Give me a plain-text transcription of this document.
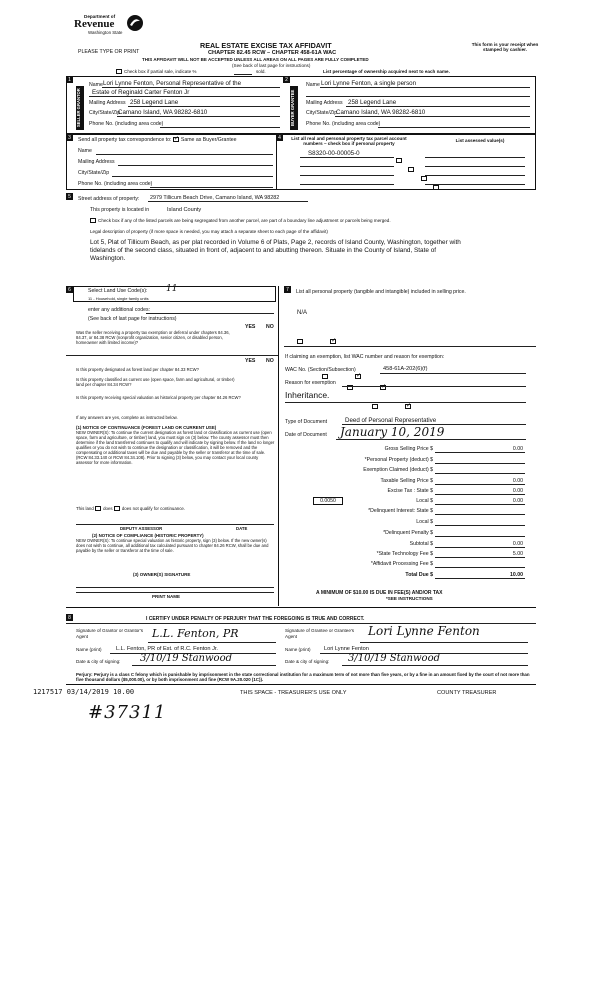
Department of
Revenue
Washington State
PLEASE TYPE OR PRINT
REAL ESTATE EXCISE TAX AFFIDAVIT
CHAPTER 82.45 RCW – CHAPTER 458-61A WAC
THIS AFFIDAVIT WILL NOT BE ACCEPTED UNLESS ALL AREAS ON ALL PAGES ARE FULLY COMPLETED
(See back of last page for instructions)
This form is your receipt when stamped by cashier.
Check box if partial sale, indicate %	sold.	List percentage of ownership acquired next to each name.
1
SELLER GRANTOR
Name Lori Lynne Fenton, Personal Representative of the
Estate of Reginald Carter Fenton Jr
Mailing Address 258 Legend Lane
City/State/Zip
Camano Island, WA 98282-6810
Phone No. (including area code)
2
BUYER GRANTEE
Name Lori Lynne Fenton, a single person
Mailing Address 258 Legend Lane
City/State/Zip
Camano Island, WA 98282-6810
Phone No. (including area code)
3	Send all property tax correspondence to: ✓ Same as Buyer/Grantee
Name
Mailing Address
City/State/Zip
Phone No. (including area code)
4	List all real and personal property tax parcel account numbers – check box if personal property
List assessed value(s)
S8320-00-00005-0

5	Street address of property: 2979 Tillicum Beach Drive, Camano Island, WA 98282
This property is located in	Island County
Check box if any of the listed parcels are being segregated from another parcel, are part of a boundary line adjustment or parcels being merged.
Legal description of property (if more space is needed, you may attach a separate sheet to each page of the affidavit)
Lot 5, Plat of Tillicum Beach, as per plat recorded in Volume 6 of Plats, Page 2, records of Island County, Washington, together with tidelands of the second class, situated in front of, adjacent to and abutting thereon. Situate in the County of Island, State of Washington.
6	Select Land Use Code(s): 11
11 - Household, single family units
enter any additional codes:
(See back of last page for instructions)
YES NO
Was the seller receiving a property tax exemption or deferral under chapters 84.36, 84.37, or 84.38 RCW (nonprofit organization, senior citizen, or disabled person, homeowner with limited income)?
✓
YES NO
Is this property designated as forest land per chapter 84.33 RCW?
✓
Is this property classified as current use (open space, farm and agricultural, or timber) land per chapter 84.34 RCW?
✓
Is this property receiving special valuation as historical property per chapter 84.26 RCW?
✓
If any answers are yes, complete as instructed below.
(1) NOTICE OF CONTINUANCE (FOREST LAND OR CURRENT USE)
NEW OWNER(S): To continue the current designation as forest land or classification as current use (open space, farm and agriculture, or timber) land, you must sign on (3) below. The county assessor must then determine if the land transferred continues to qualify and will indicate by signing below. If the land no longer qualifies or you do not wish to continue the designation or classification, it will be removed and the compensating or additional taxes will be due and payable by the seller or transferor at the time of sale. (RCW 84.33.140 or RCW 84.34.108). Prior to signing (3) below, you may contact your local county assessor for more information.
This land does does not qualify for continuance.
DEPUTY ASSESSOR	DATE
(2) NOTICE OF COMPLIANCE (HISTORIC PROPERTY)
NEW OWNER(S): To continue special valuation as historic property, sign (3) below. If the new owner(s) does not wish to continue, all additional tax calculated pursuant to chapter 84.26 RCW, shall be due and payable by the seller or transferor at the time of sale.
(3) OWNER(S) SIGNATURE
PRINT NAME
7	List all personal property (tangible and intangible) included in selling price.
N/A
If claiming an exemption, list WAC number and reason for exemption:
WAC No. (Section/Subsection)	458-61A-202(6)(f)
Reason for exemption
Inheritance.
Type of Document	Deed of Personal Representative
Date of Document January 10, 2019
Gross Selling Price $	0.00
*Personal Property (deduct) $
Exemption Claimed (deduct) $
Taxable Selling Price $	0.00
Excise Tax : State $	0.00
0.0050	Local $	0.00
*Delinquent Interest: State $
Local $
*Delinquent Penalty $
Subtotal $	0.00
*State Technology Fee $	5.00
*Affidavit Processing Fee $
Total Due $	10.00
A MINIMUM OF $10.00 IS DUE IN FEE(S) AND/OR TAX
*SEE INSTRUCTIONS
8	I CERTIFY UNDER PENALTY OF PERJURY THAT THE FOREGOING IS TRUE AND CORRECT.
Signature of Grantor or Grantor's Agent	L.L. Fenton, PR
Name (print)	L.L. Fenton, PR of Est. of R.C. Fenton Jr.
Date & city of signing: 3/10/19 Stanwood
Signature of Grantee or Grantee's Agent	Lori Lynne Fenton
Name (print) Lori Lynne Fenton
Date & city of signing: 3/10/19 Stanwood
Perjury: Perjury is a class C felony which is punishable by imprisonment in the state correctional institution for a maximum term of not more than five years, or by a fine in an amount fixed by the court of not more than five thousand dollars ($5,000.00), or by both imprisonment and fine (RCW 9A.20.020 (1C)).
1217517 03/14/2019 10.00	THIS SPACE - TREASURER'S USE ONLY	COUNTY TREASURER
#37311
